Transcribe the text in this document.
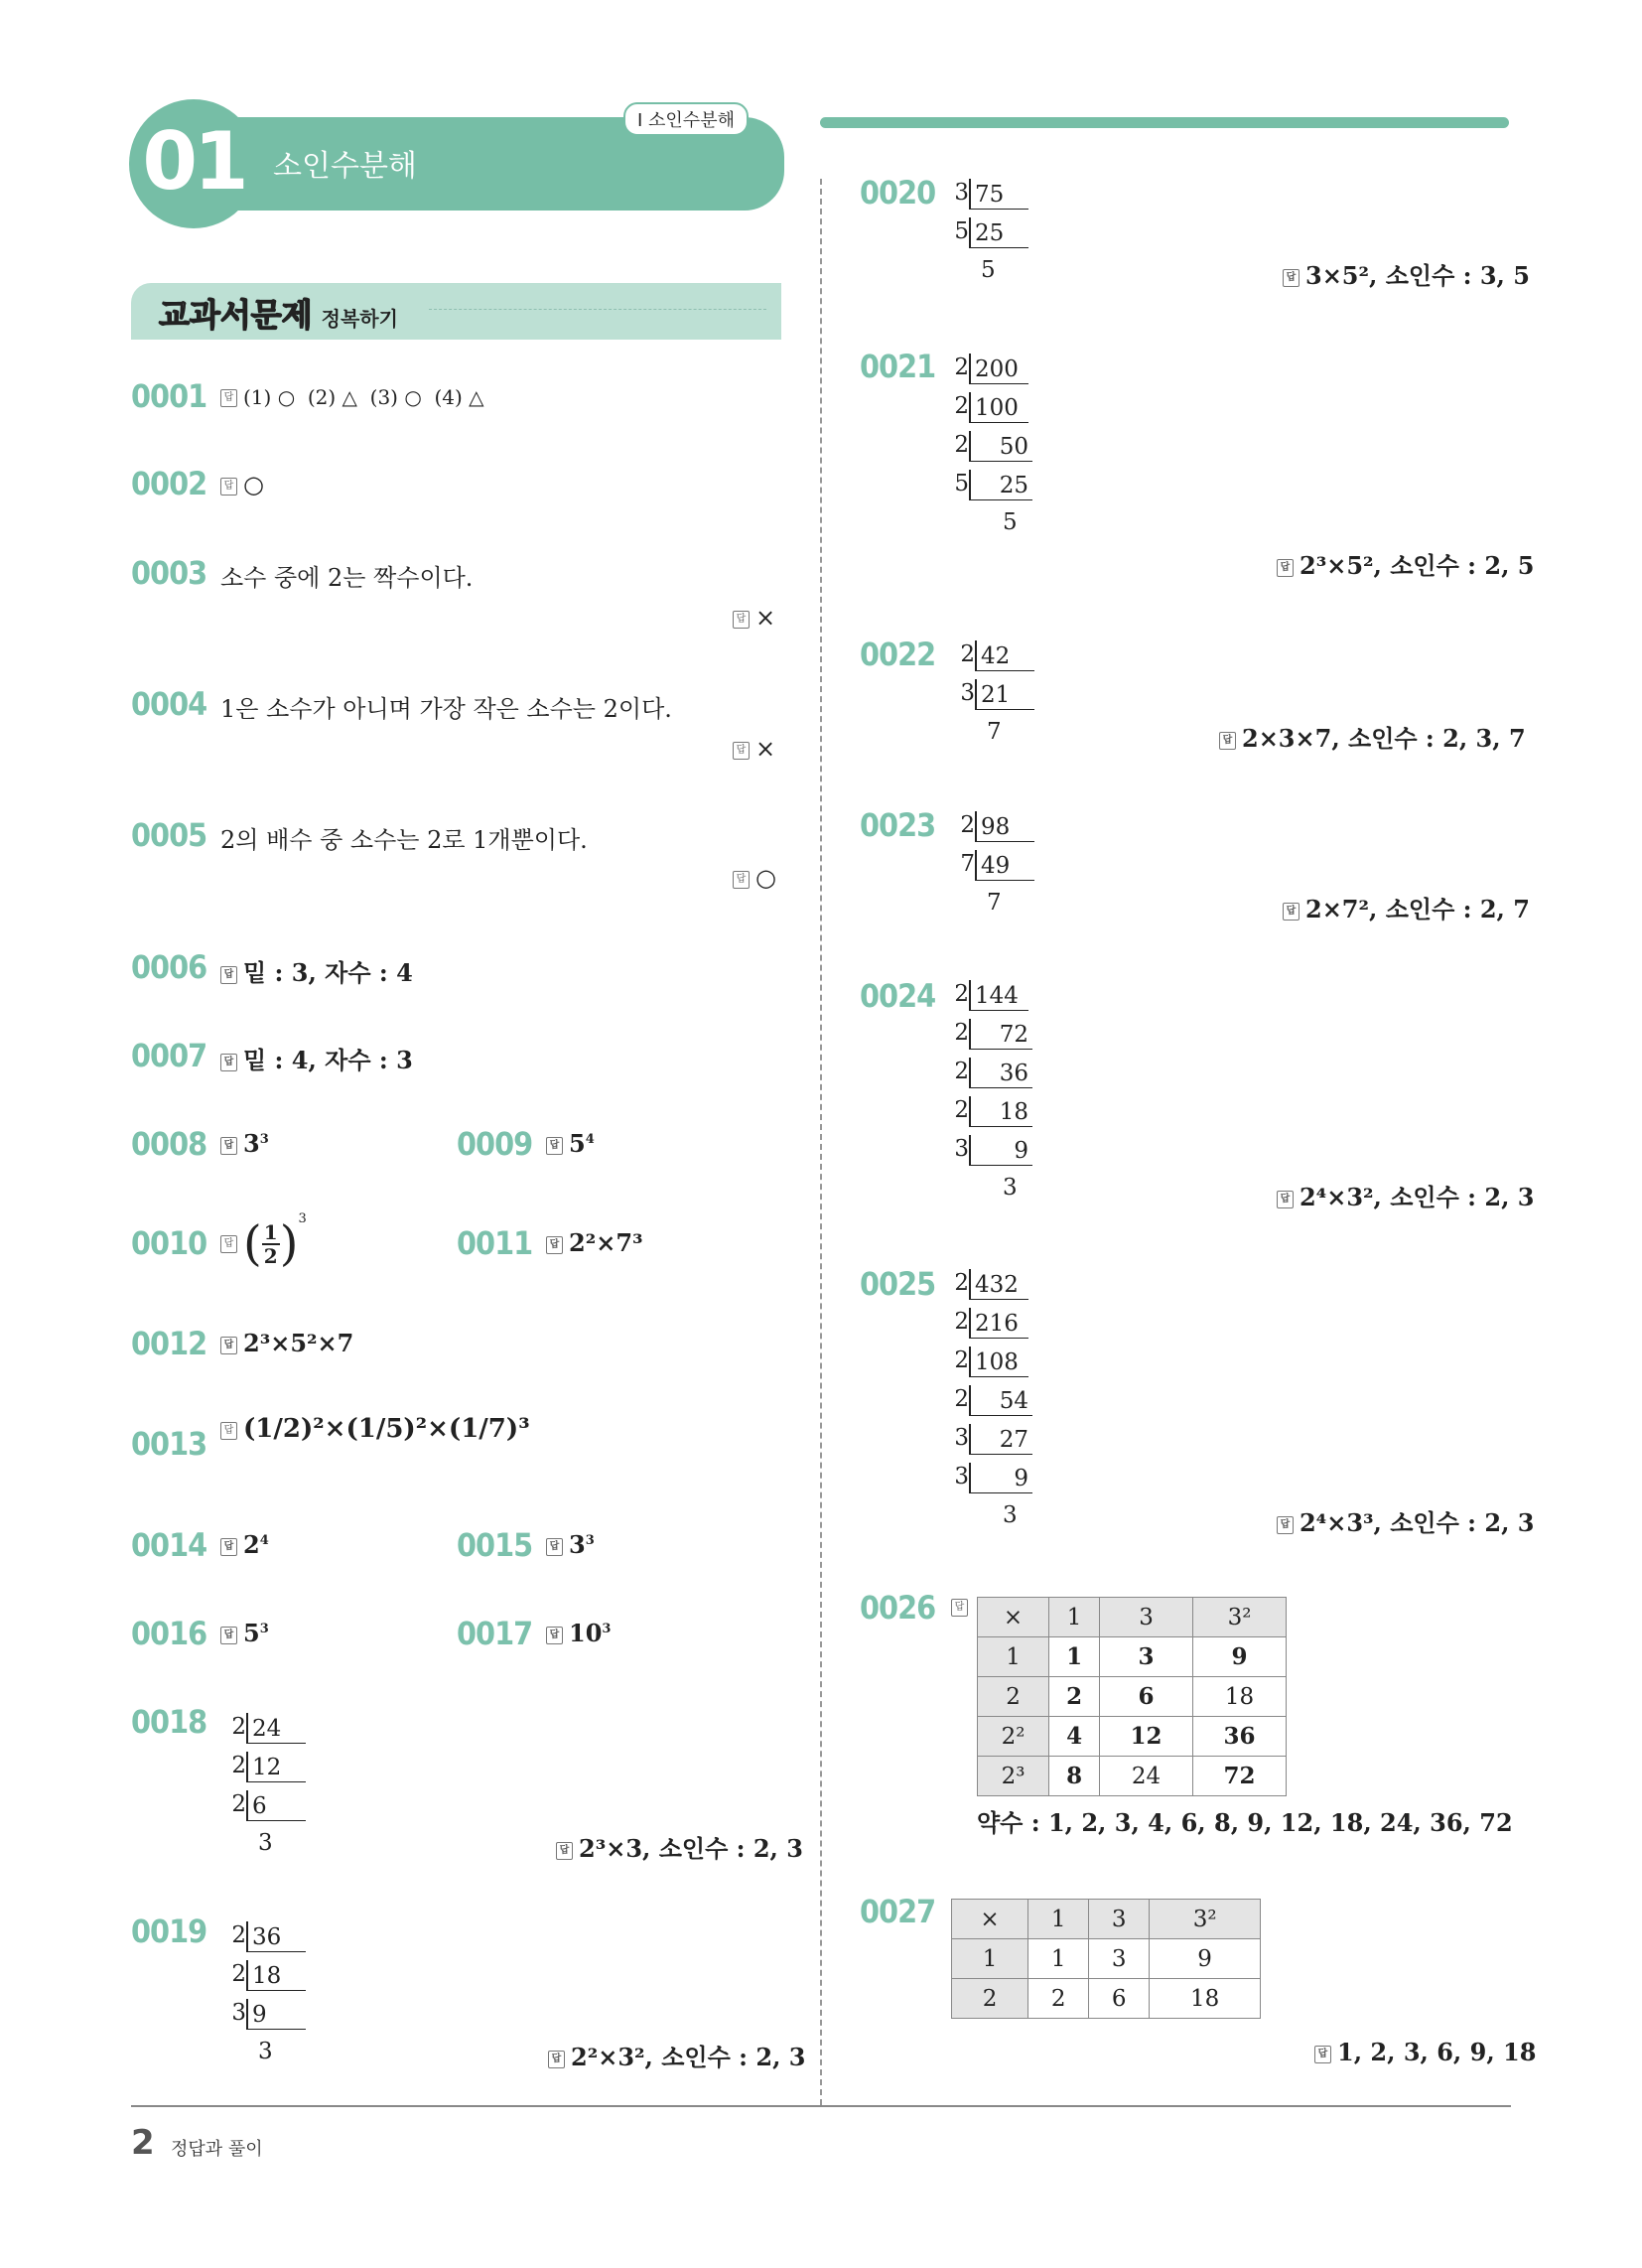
01 소인수분해
I 소인수분해
교과서문제 정복하기
0001	답 (1) ○  (2) △  (3) ○  (4) △
0002	답 ○
0003 소수 중에 2는 짝수이다.
답 ×
0004 1은 소수가 아니며 가장 작은 소수는 2이다.
답 ×
0005 2의 배수 중 소수는 2로 1개뿐이다.
답 ○
0006	답 밑 : 3, 자수 : 4
0007	답 밑 : 4, 자수 : 3
0008	답 $3^3$	0009	답 $5^4$
0010	답 ( $\frac{1}{2} )^3$
0011	답 2²×7³
0012	답 2³×5²×7
0013	답 (1/2)²×(1/5)²×(1/7)³
0014	답 $2^4$	0015	답 $3^3$
0016	답 $5^3$	0017	답 $10^3$
0018 2 24
2 12
2 6
3	답 2³×3, 소인수 : 2, 3
0019 2 36
2 18
3 9
3	답 2²×3², 소인수 : 2, 3
0020 3 75
5 25
5	답 3×5², 소인수 : 3, 5
0021 2 200
2 100
2 50
5 25
5
답 2³×5², 소인수 : 2, 5
0022 2 42
3 21
7	답 2×3×7, 소인수 : 2, 3, 7
0023 2 98
7 49
7	답 2×7², 소인수 : 2, 7
0024 2 144
2 72
2 36
2 18
3 9
3	답 2⁴×3², 소인수 : 2, 3
0025 2 432
2 216
2 108
2 54
3 27
3 9
3	답 2⁴×3³, 소인수 : 2, 3
0026	답	×	1	3	3²
1	1	3	9
2	2	6	18
2²	4	12	36
2³	8	24	72
약수 : 1, 2, 3, 4, 6, 8, 9, 12, 18, 24, 36, 72
0027 ×	1	3	3²
1	1	3	9
2	2	6	18
답 1, 2, 3, 6, 9, 18
2 정답과 풀이
